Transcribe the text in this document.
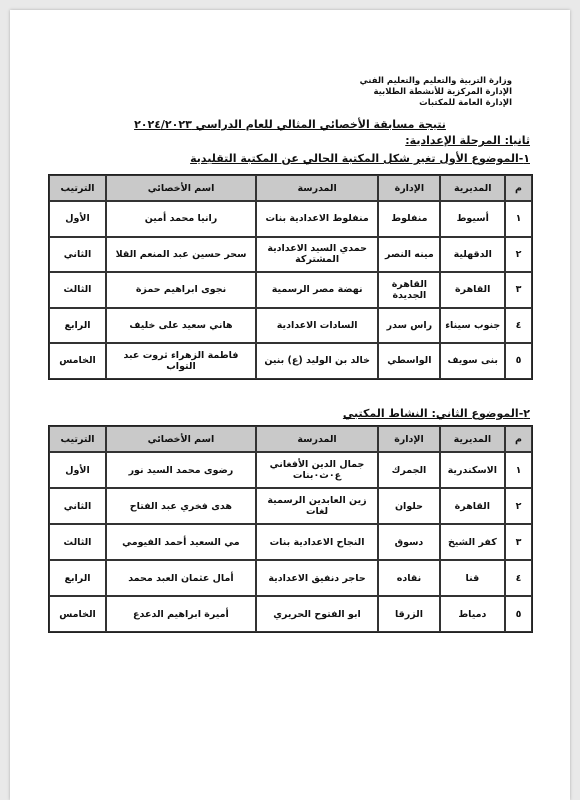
وزارة التربية والتعليم والتعليم الفني
الإدارة المركزية للأنشطة الطلابية
الإدارة العامة للمكتبات
نتيجة مسابقة الأخصائي المثالي للعام الدراسي ٢٠٢٤/٢٠٢٣
ثانيا: المرحلة الإعدادية:
١-الموضوع الأول تغير شكل المكتبة الحالي عن المكتبة التقليدية
م	المديرية	الإدارة	المدرسة	اسم الأخصائي	الترتيب
١	أسيوط	منفلوط	منفلوط الاعدادية بنات	رانيا محمد أمين	الأول
٢	الدقهلية	مينه النصر	حمدي السيد الاعدادية المشتركة	سحر حسين عبد المنعم القلا	الثاني
٣	القاهرة	القاهرة الجديدة	نهضة مصر الرسمية	نجوى ابراهيم حمزة	الثالث
٤	جنوب سيناء	راس سدر	السادات الاعدادية	هاني سعيد على خليف	الرابع
٥	بنى سويف	الواسطي	خالد بن الوليد (ع) بنين	فاطمة الزهراء ثروت عبد التواب	الخامس
٢-الموضوع الثاني: النشاط المكتبي
م	المديرية	الإدارة	المدرسة	اسم الأخصائي	الترتيب
١	الاسكندرية	الجمرك	جمال الدين الأفغاني ع٠ث٠بنات	رضوى محمد السيد نور	الأول
٢	القاهرة	حلوان	زين العابدين الرسمية لغات	هدى فخري عبد الفتاح	الثاني
٣	كفر الشيخ	دسوق	النجاح الاعدادية بنات	مي السعيد أحمد الفيومي	الثالث
٤	قنا	نقاده	حاجر دنفيق الاعدادية	أمال عثمان العبد محمد	الرابع
٥	دمياط	الزرقا	ابو الفتوح الحريري	أميرة ابراهيم الدعدع	الخامس
